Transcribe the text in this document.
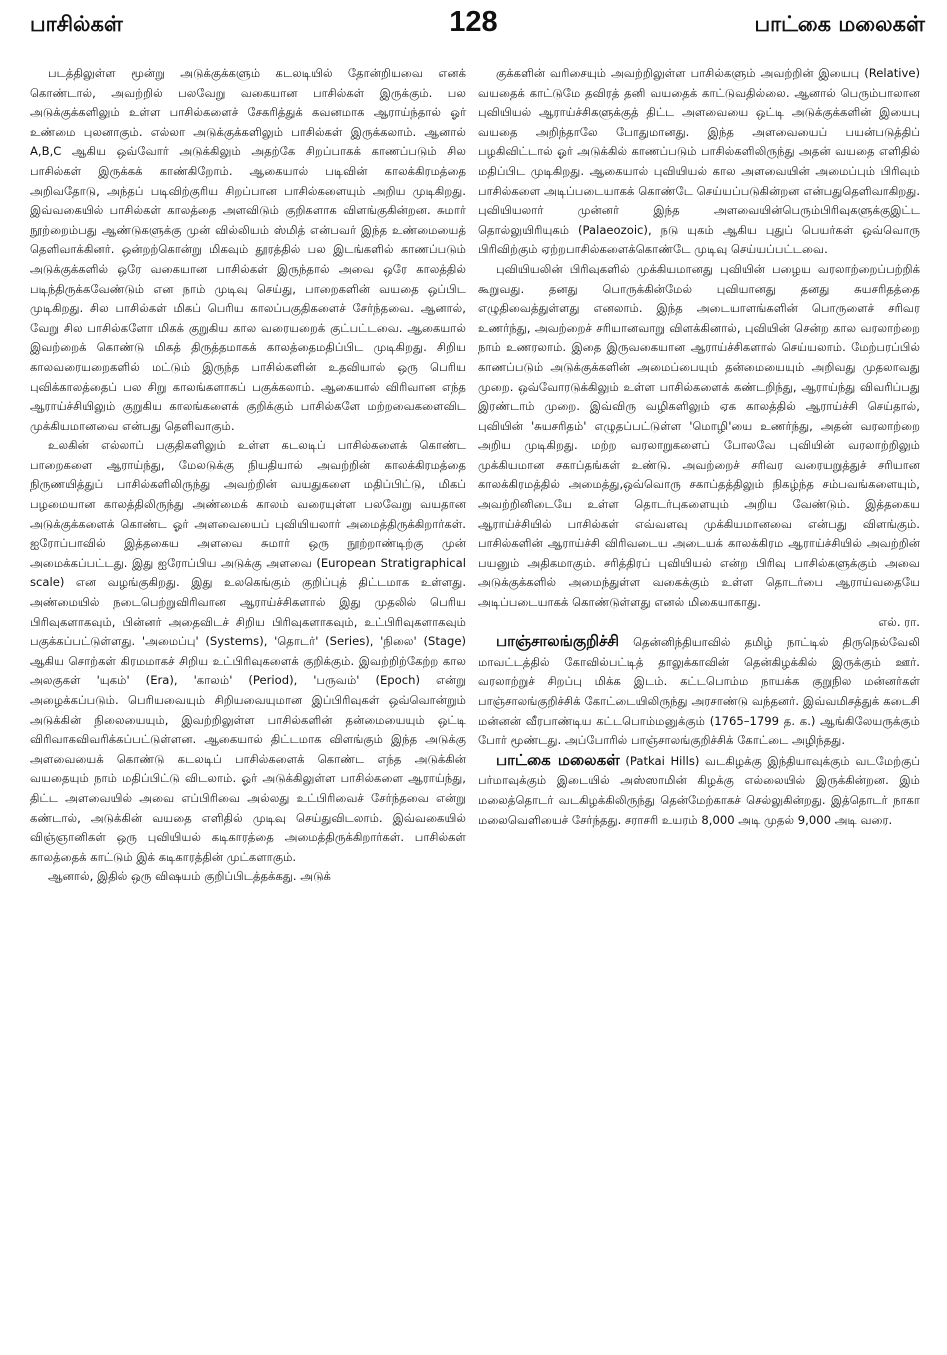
பாசில்கள்	128	பாட்கை மலைகள்

படத்திலுள்ள மூன்று அடுக்குக்களும் கடலடியில் தோன்றியவை எனக் கொண்டால், அவற்றில் பலவேறு வகையான பாசில்கள் இருக்கும். பல அடுக்குக்களிலும் உள்ள பாசில்களைச் சேகரித்துக் கவனமாக ஆராய்ந்தால் ஓர் உண்மை புலனாகும். எல்லா அடுக்குக்களிலும் பாசில்கள் இருக்கலாம். ஆனால் A,B,C ஆகிய ஒவ்வோர் அடுக்கிலும் அதற்கே சிறப்பாகக் காணப்படும் சில பாசில்கள் இருக்கக் காண்கிறோம். ஆகையால் படிவின் காலக்கிரமத்தை அறிவதோடு, அந்தப் படிவிற்குரிய சிறப்பான பாசில்களையும் அறிய முடிகிறது. இவ்வகையில் பாசில்கள் காலத்தை அளவிடும் குறிகளாக விளங்குகின்றன. சுமார் நூற்றைம்பது ஆண்டுகளுக்கு முன் வில்லியம் ஸ்மித் என்பவர் இந்த உண்மையைத் தெளிவாக்கினர். ஒன்றற்கொன்று மிகவும் தூரத்தில் பல இடங்களில் காணப்படும் அடுக்குக்களில் ஒரே வகையான பாசில்கள் இருந்தால் அவை ஒரே காலத்தில் படிந்திருக்கவேண்டும் என நாம் முடிவு செய்து, பாறைகளின் வயதை ஒப்பிட முடிகிறது. சில பாசில்கள் மிகப் பெரிய காலப்பகுதிகளைச் சேர்ந்தவை. ஆனால், வேறு சில பாசில்களோ மிகக் குறுகிய கால வரையறைக் குட்பட்டவை. ஆகையால் இவற்றைக் கொண்டு மிகத் திருத்தமாகக் காலத்தைமதிப்பிட முடிகிறது. சிறிய காலவரையறைகளில் மட்டும் இருந்த பாசில்களின் உதவியால் ஒரு பெரிய புவிக்காலத்தைப் பல சிறு காலங்களாகப் பகுக்கலாம். ஆகையால் விரிவான எந்த ஆராய்ச்சியிலும் குறுகிய காலங்களைக் குறிக்கும் பாசில்களே மற்றவைகளைவிட முக்கியமானவை என்பது தெளிவாகும்.

உலகின் எல்லாப் பகுதிகளிலும் உள்ள கடலடிப் பாசில்களைக் கொண்ட பாறைகளை ஆராய்ந்து, மேலடுக்கு நியதியால் அவற்றின் காலக்கிரமத்தை நிருணயித்துப் பாசில்களிலிருந்து அவற்றின் வயதுகளை மதிப்பிட்டு, மிகப் பழமையான காலத்திலிருந்து அண்மைக் காலம் வரையுள்ள பலவேறு வயதான அடுக்குக்களைக் கொண்ட ஓர் அளவையைப் புவியியலார் அமைத்திருக்கிறார்கள். ஐரோப்பாவில் இத்தகைய அளவை சுமார் ஒரு நூற்றாண்டிற்கு முன் அமைக்கப்பட்டது. இது ஐரோப்பிய அடுக்கு அளவை (European Stratigraphical scale) என வழங்குகிறது. இது உலகெங்கும் குறிப்புத் திட்டமாக உள்ளது. அண்மையில் நடைபெற்றுவிரிவான ஆராய்ச்சிகளால் இது முதலில் பெரிய பிரிவுகளாகவும், பின்னர் அதைவிடச் சிறிய பிரிவுகளாகவும், உட்பிரிவுகளாகவும் பகுக்கப்பட்டுள்ளது. 'அமைப்பு' (Systems), 'தொடர்' (Series), 'நிலை' (Stage) ஆகிய சொற்கள் கிரமமாகச் சிறிய உட்பிரிவுகளைக் குறிக்கும். இவற்றிற்கேற்ற கால அலகுகள் 'யுகம்' (Era), 'காலம்' (Period), 'பருவம்' (Epoch) என்று அழைக்கப்படும். பெரியவையும் சிறியவையுமான இப்பிரிவுகள் ஒவ்வொன்றும் அடுக்கின் நிலையையும், இவற்றிலுள்ள பாசில்களின் தன்மையையும் ஒட்டி விரிவாகவிவரிக்கப்பட்டுள்ளன. ஆகையால் திட்டமாக விளங்கும் இந்த அடுக்கு அளவையைக் கொண்டு கடலடிப் பாசில்களைக் கொண்ட எந்த அடுக்கின் வயதையும் நாம் மதிப்பிட்டு விடலாம். ஓர் அடுக்கிலுள்ள பாசில்களை ஆராய்ந்து, திட்ட அளவையில் அவை எப்பிரிவை அல்லது உட்பிரிவைச் சேர்ந்தவை என்று கண்டால், அடுக்கின் வயதை எளிதில் முடிவு செய்துவிடலாம். இவ்வகையில் விஞ்ஞானிகள் ஒரு புவியியல் கடிகாரத்தை அமைத்திருக்கிறார்கள். பாசில்கள் காலத்தைக் காட்டும் இக் கடிகாரத்தின் முட்களாகும்.

ஆனால், இதில் ஒரு விஷயம் குறிப்பிடத்தக்கது. அடுக்

குக்களின் வரிசையும் அவற்றிலுள்ள பாசில்களும் அவற்றின் இயைபு (Relative) வயதைக் காட்டுமே தவிரத் தனி வயதைக் காட்டுவதில்லை. ஆனால் பெரும்பாலான புவியியல் ஆராய்ச்சிகளுக்குத் திட்ட அளவையை ஒட்டி அடுக்குக்களின் இயைபு வயதை அறிந்தாலே போதுமானது. இந்த அளவையைப் பயன்படுத்திப் பழகிவிட்டால் ஓர் அடுக்கில் காணப்படும் பாசில்களிலிருந்து அதன் வயதை எளிதில் மதிப்பிட முடிகிறது. ஆகையால் புவியியல் கால அளவையின் அமைப்பும் பிரிவும் பாசில்களை அடிப்படையாகக் கொண்டே செய்யப்படுகின்றன என்பதுதெளிவாகிறது. புவியியலார் முன்னர் இந்த அளவையின்பெரும்பிரிவுகளுக்குஇட்ட தொல்லுயிரியுகம் (Palaeozoic), நடு யுகம் ஆகிய புதுப் பெயர்கள் ஒவ்வொரு பிரிவிற்கும் ஏற்றபாசில்களைக்கொண்டே முடிவு செய்யப்பட்டவை.

புவியியலின் பிரிவுகளில் முக்கியமானது புவியின் பழைய வரலாற்றைப்பற்றிக் கூறுவது. தனது பொருக்கின்மேல் புவியானது தனது சுயசரிதத்தை எழுதிவைத்துள்ளது எனலாம். இந்த அடையாளங்களின் பொருளைச் சரிவர உணர்ந்து, அவற்றைச் சரியானவாறு விளக்கினால், புவியின் சென்ற கால வரலாற்றை நாம் உணரலாம். இதை இருவகையான ஆராய்ச்சிகளால் செய்யலாம். மேற்பரப்பில் காணப்படும் அடுக்குக்களின் அமைப்பையும் தன்மையையும் அறிவது முதலாவது முறை. ஒவ்வோரடுக்கிலும் உள்ள பாசில்களைக் கண்டறிந்து, ஆராய்ந்து விவரிப்பது இரண்டாம் முறை. இவ்விரு வழிகளிலும் ஏக காலத்தில் ஆராய்ச்சி செய்தால், புவியின் 'சுயசரிதம்' எழுதப்பட்டுள்ள 'மொழி'யை உணர்ந்து, அதன் வரலாற்றை அறிய முடிகிறது. மற்ற வரலாறுகளைப் போலவே புவியின் வரலாற்றிலும் முக்கியமான சகாப்தங்கள் உண்டு. அவற்றைச் சரிவர வரையறுத்துச் சரியான காலக்கிரமத்தில் அமைத்து,ஒவ்வொரு சகாப்தத்திலும் நிகழ்ந்த சம்பவங்களையும், அவற்றினிடையே உள்ள தொடர்புகளையும் அறிய வேண்டும். இத்தகைய ஆராய்ச்சியில் பாசில்கள் எவ்வளவு முக்கியமானவை என்பது விளங்கும். பாசில்களின் ஆராய்ச்சி விரிவடைய அடையக் காலக்கிரம ஆராய்ச்சியில் அவற்றின் பயனும் அதிகமாகும். சரித்திரப் புவியியல் என்ற பிரிவு பாசில்களுக்கும் அவை அடுக்குக்களில் அமைந்துள்ள வகைக்கும் உள்ள தொடர்பை ஆராய்வதையே அடிப்படையாகக் கொண்டுள்ளது எனல் மிகையாகாது.

எல். ரா.

பாஞ்சாலங்குறிச்சி தென்னிந்தியாவில் தமிழ் நாட்டில் திருநெல்வேலி மாவட்டத்தில் கோவில்பட்டித் தாலுக்காவின் தென்கிழக்கில் இருக்கும் ஊர். வரலாற்றுச் சிறப்பு மிக்க இடம். கட்டபொம்ம நாயக்க குறுநில மன்னர்கள் பாஞ்சாலங்குறிச்சிக் கோட்டையிலிருந்து அரசாண்டு வந்தனர். இவ்வமிசத்துக் கடைசி மன்னன் வீரபாண்டிய கட்டபொம்மனுக்கும் (1765–1799 த. க.) ஆங்கிலேயருக்கும் போர் மூண்டது. அப்போரில் பாஞ்சாலங்குறிச்சிக் கோட்டை அழிந்தது.

பாட்கை மலைகள் (Patkai Hills) வடகிழக்கு இந்தியாவுக்கும் வடமேற்குப் பர்மாவுக்கும் இடையில் அஸ்ஸாமின் கிழக்கு எல்லையில் இருக்கின்றன. இம் மலைத்தொடர் வடகிழக்கிலிருந்து தென்மேற்காகச் செல்லுகின்றது. இத்தொடர் நாகா மலைவெளியைச் சேர்ந்தது. சராசரி உயரம் 8,000 அடி முதல் 9,000 அடி வரை.
